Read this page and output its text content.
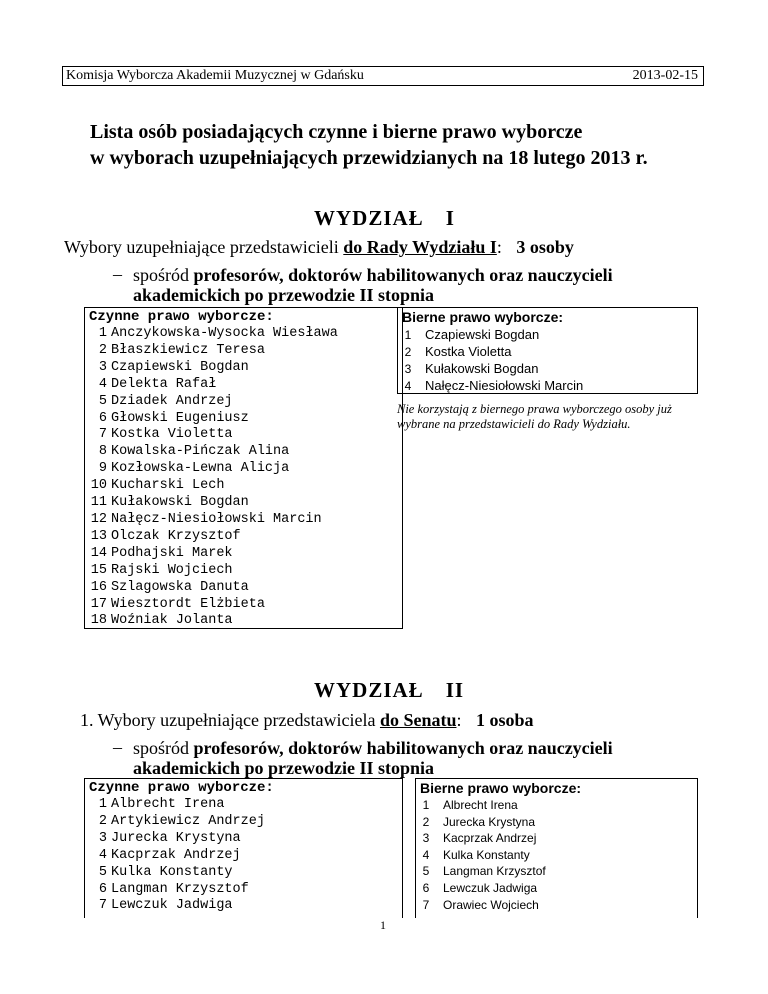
Komisja Wyborcza Akademii Muzycznej w Gdańsku	2013-02-15
Lista osób posiadających czynne i bierne prawo wyborcze
w wyborach uzupełniających przewidzianych na 18 lutego 2013 r.
WYDZIAŁ I
Wybory uzupełniające przedstawicieli do Rady Wydziału I: 3 osoby
– spośród profesorów, doktorów habilitowanych oraz nauczycieli
akademickich po przewodzie II stopnia
Czynne prawo wyborcze:
1 Anczykowska-Wysocka Wiesława
2 Błaszkiewicz Teresa
3 Czapiewski Bogdan
4 Delekta Rafał
5 Dziadek Andrzej
6 Głowski Eugeniusz
7 Kostka Violetta
8 Kowalska-Pińczak Alina
9 Kozłowska-Lewna Alicja
10 Kucharski Lech
11 Kułakowski Bogdan
12 Nałęcz-Niesiołowski Marcin
13 Olczak Krzysztof
14 Podhajski Marek
15 Rajski Wojciech
16 Szlagowska Danuta
17 Wiesztordt Elżbieta
18 Woźniak Jolanta
Bierne prawo wyborcze:
1 Czapiewski Bogdan
2 Kostka Violetta
3 Kułakowski Bogdan
4 Nałęcz-Niesiołowski Marcin
Nie korzystają z biernego prawa wyborczego osoby już wybrane na przedstawicieli do Rady Wydziału.
WYDZIAŁ II
1. Wybory uzupełniające przedstawiciela do Senatu: 1 osoba
– spośród profesorów, doktorów habilitowanych oraz nauczycieli
akademickich po przewodzie II stopnia
Czynne prawo wyborcze:
1 Albrecht Irena
2 Artykiewicz Andrzej
3 Jurecka Krystyna
4 Kacprzak Andrzej
5 Kulka Konstanty
6 Langman Krzysztof
7 Lewczuk Jadwiga
Bierne prawo wyborcze:
1 Albrecht Irena
2 Jurecka Krystyna
3 Kacprzak Andrzej
4 Kulka Konstanty
5 Langman Krzysztof
6 Lewczuk Jadwiga
7 Orawiec Wojciech
1
